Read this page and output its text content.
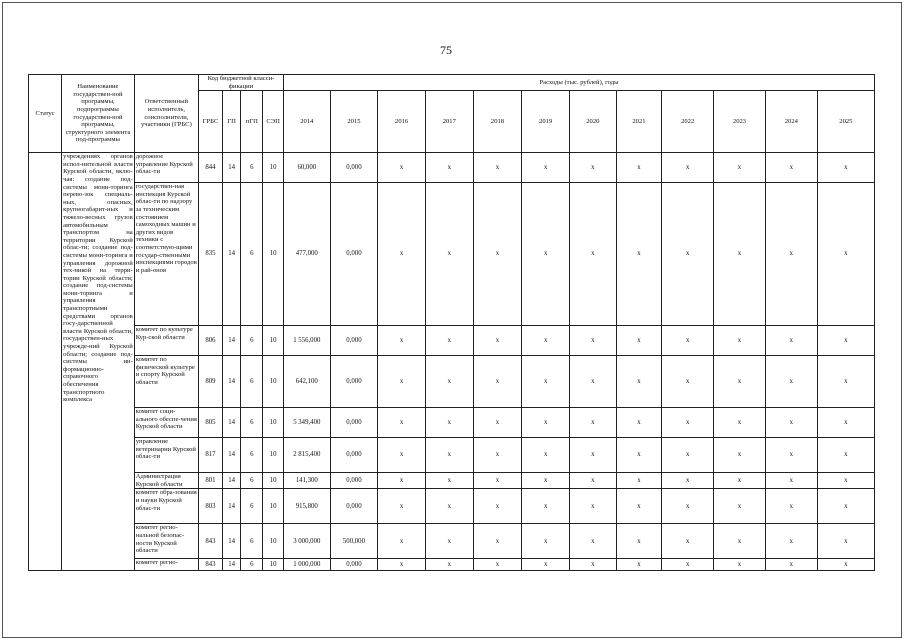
75
Статус	Наименование государствен-ной программы, подпрограммы государствен-ной программы, структурного элемента под-программы	Ответственный исполнитель, соисполнители, участники (ГРБС)	Код бюджетной класси-фикации				Расходы (тыс. рублей), годы											
			ГРБС	ГП	пГП	СЭП	2014	2015	2016	2017	2018	2019	2020	2021	2022	2023	2024	2025
	учреждениях органов испол-нительной власти Курской области, вклю-чая: создание под-системы мони-торинга перево-зок специаль-ных, опасных, крупногабарит-ных и тяжело-весных грузов автомобильным транспортом на территории Курской облас-ти; создание под-системы мони-торинга и управления дорожной тех-никой на терри-тории Курской области; создание под-системы мони-торинга и управления транспортными средствами органов госу-дарственной власти Курской области, государствен-ных учрежде-ний Курской области; создание под-системы ин-формационно-справочного обеспечения транспортного комплекса	дорожное управление Курской облас-ти	844	14	6	10	60,000	0,000	x	x	x	x	x	x	x	x	x	x
		государствен-ная инспекция Курской облас-ти по надзору за техническим состоянием самоходных машин и других видов техники с соответствую-щими государ-ственными инспекциями городов и рай-онов	835	14	6	10	477,000	0,000	x	x	x	x	x	x	x	x	x	x
		комитет по культуре Кур-ской области	806	14	6	10	1 556,000	0,000	x	x	x	x	x	x	x	x	x	x
		комитет по физической культуре и спорту Курской области	809	14	6	10	642,100	0,000	x	x	x	x	x	x	x	x	x	x
		комитет соци-ального обеспе-чения Курской области	805	14	6	10	5 349,400	0,000	x	x	x	x	x	x	x	x	x	x
		управление ветеринарии Курской облас-ти	817	14	6	10	2 815,400	0,000	x	x	x	x	x	x	x	x	x	x
		Администрация Курской области	801	14	6	10	141,300	0,000	x	x	x	x	x	x	x	x	x	x
		комитет обра-зования и науки Курской облас-ти	803	14	6	10	915,800	0,000	x	x	x	x	x	x	x	x	x	x
		комитет регио-нальной безопас-ности Курской области	843	14	6	10	3 000,000	500,000	x	x	x	x	x	x	x	x	x	x
		комитет регио-	843	14	6	10	1 000,000	0,000	x	x	x	x	x	x	x	x	x	x
